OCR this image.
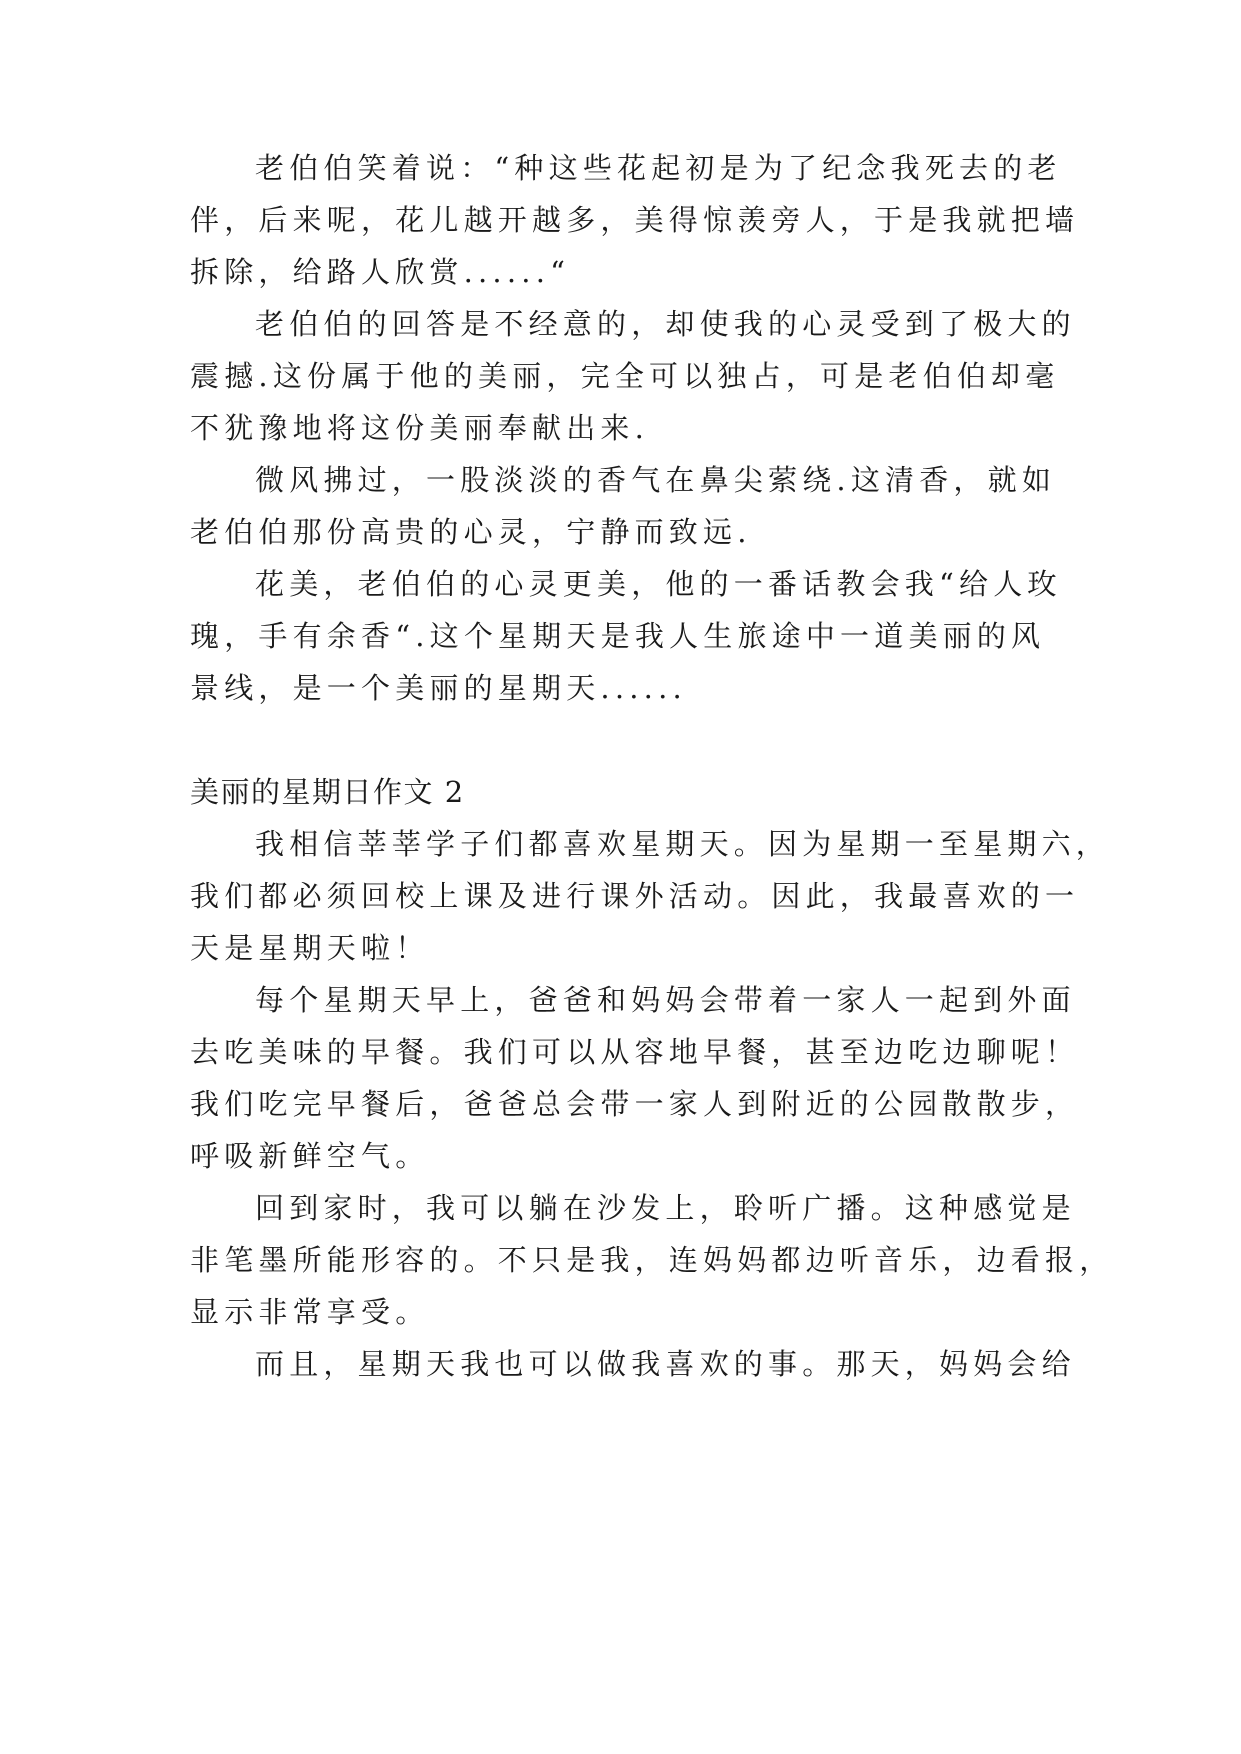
老伯伯笑着说：“种这些花起初是为了纪念我死去的老
伴，后来呢，花儿越开越多，美得惊羡旁人，于是我就把墙
拆除，给路人欣赏......“
老伯伯的回答是不经意的，却使我的心灵受到了极大的
震撼.这份属于他的美丽，完全可以独占，可是老伯伯却毫
不犹豫地将这份美丽奉献出来.
微风拂过，一股淡淡的香气在鼻尖萦绕.这清香，就如
老伯伯那份高贵的心灵，宁静而致远.
花美，老伯伯的心灵更美，他的一番话教会我“给人玫
瑰，手有余香“.这个星期天是我人生旅途中一道美丽的风
景线，是一个美丽的星期天......
美丽的星期日作文 2
我相信莘莘学子们都喜欢星期天。因为星期一至星期六，
我们都必须回校上课及进行课外活动。因此，我最喜欢的一
天是星期天啦！
每个星期天早上，爸爸和妈妈会带着一家人一起到外面
去吃美味的早餐。我们可以从容地早餐，甚至边吃边聊呢！
我们吃完早餐后，爸爸总会带一家人到附近的公园散散步，
呼吸新鲜空气。
回到家时，我可以躺在沙发上，聆听广播。这种感觉是
非笔墨所能形容的。不只是我，连妈妈都边听音乐，边看报，
显示非常享受。
而且，星期天我也可以做我喜欢的事。那天，妈妈会给
